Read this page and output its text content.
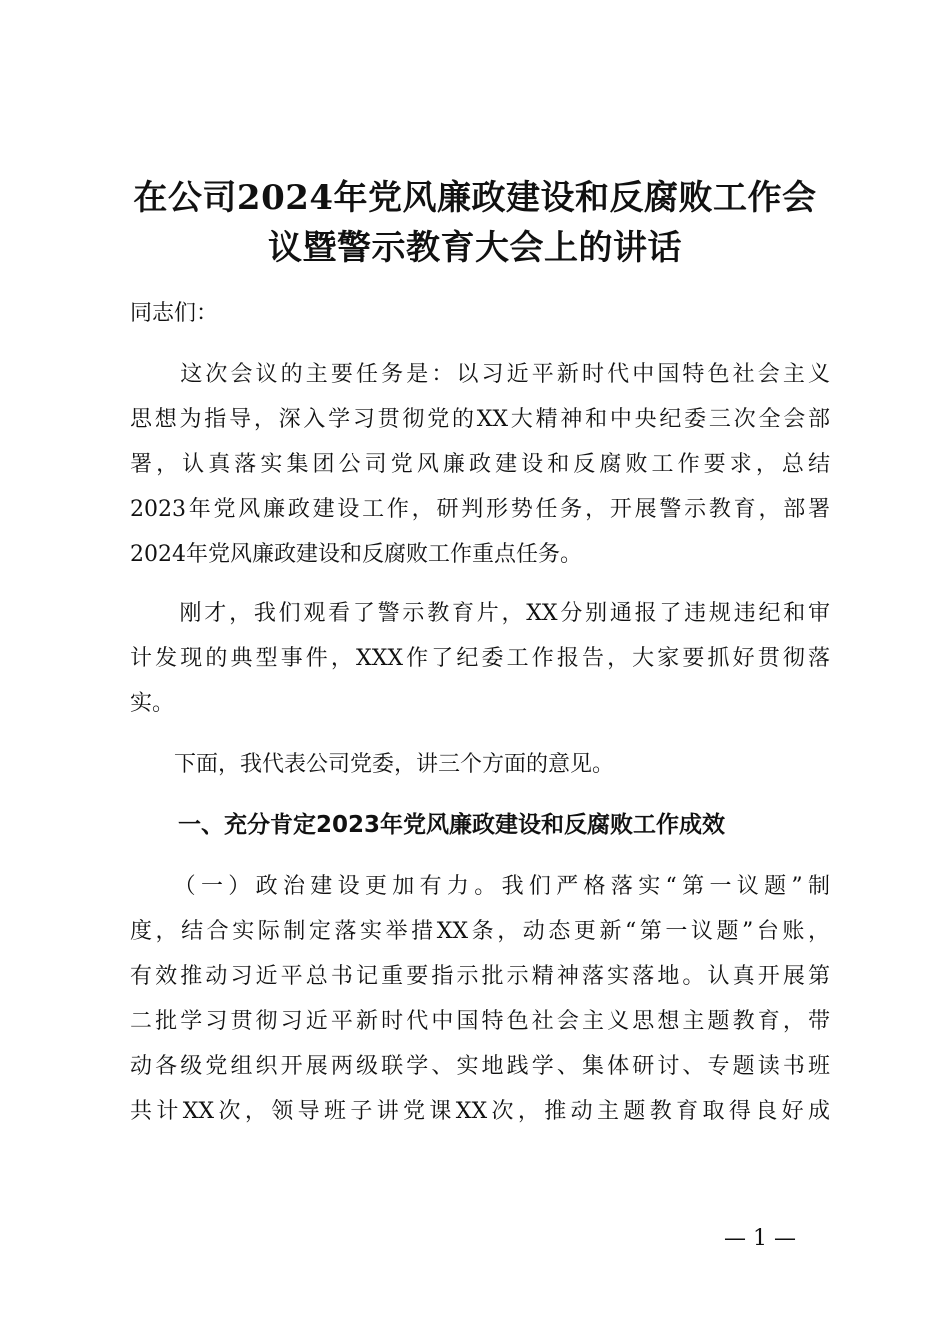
在公司2024年党风廉政建设和反腐败工作会
议暨警示教育大会上的讲话
同志们：
　　这次会议的主要任务是：以习近平新时代中国特色社会主义
思想为指导，深入学习贯彻党的XX大精神和中央纪委三次全会部
署，认真落实集团公司党风廉政建设和反腐败工作要求，总结
2023年党风廉政建设工作，研判形势任务，开展警示教育，部署
2024年党风廉政建设和反腐败工作重点任务。
　　刚才，我们观看了警示教育片，XX分别通报了违规违纪和审
计发现的典型事件，XXX作了纪委工作报告，大家要抓好贯彻落
实。
　　下面，我代表公司党委，讲三个方面的意见。
一、充分肯定2023年党风廉政建设和反腐败工作成效
　　（一）政治建设更加有力。我们严格落实“第一议题”制
度，结合实际制定落实举措XX条，动态更新“第一议题”台账，
有效推动习近平总书记重要指示批示精神落实落地。认真开展第
二批学习贯彻习近平新时代中国特色社会主义思想主题教育，带
动各级党组织开展两级联学、实地践学、集体研讨、专题读书班
共计XX次，领导班子讲党课XX次，推动主题教育取得良好成
— 1 —
